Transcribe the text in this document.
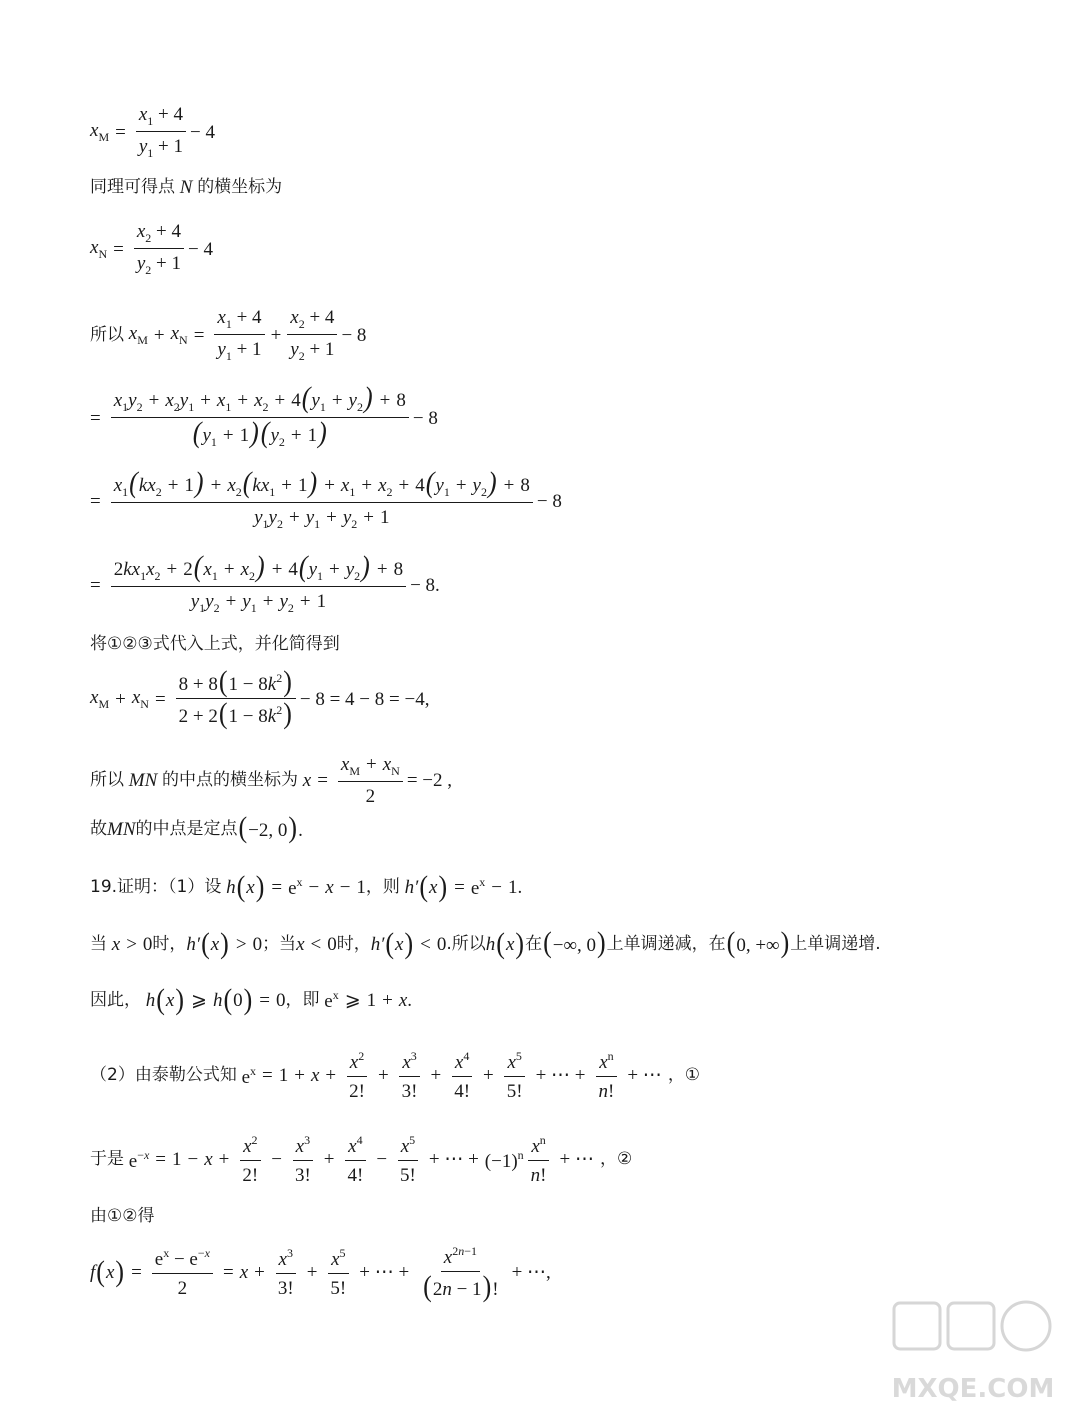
$x_M = \frac{x_1 + 4}{y_1 + 1} - 4$
同理可得点 N 的横坐标为
$x_N = \frac{x_2 + 4}{y_2 + 1} - 4$
所以
$x_M + x_N = \frac{x_1 + 4}{y_1 + 1} + \frac{x_2 + 4}{y_2 + 1} - 8$
= $\frac{x_1y_2 + x_2y_1 + x_1 + x_2 + 4(y_1 + y_2) + 8}{(y_1 + 1)(y_2 + 1)} - 8$
= $\frac{x_1(kx_2 + 1) + x_2(kx_1 + 1) + x_1 + x_2 + 4(y_1 + y_2) + 8}{y_1y_2 + y_1 + y_2 + 1} - 8$
= $\frac{2kx_1x_2 + 2(x_1 + x_2) + 4(y_1 + y_2) + 8}{y_1y_2 + y_1 + y_2 + 1} - 8$.
将①②③式代入上式，并化简得到
$x_M + x_N = \frac{8 + 8(1 - 8k^2)}{2 + 2(1 - 8k^2)} - 8 = 4 - 8 = -4$,
所以 MN 的中点的横坐标为 $x = \frac{x_M + x_N}{2} = -2$ ,
故 MN 的中点是定点 (−2, 0).
19.证明：（1）设
h ( x ) = $e^x - x - 1$ ，则
h′ ( x ) = $e^x - 1$.
当 x > 0 时， h′ ( x ) > 0 ；当 x < 0 时， h′ ( x ) < 0 .所以 h ( x ) 在 (−∞, 0) 上单调递减，在 (0, +∞) 上单调递增.
因此，
h ( x ) ⩾ h ( 0 ) = 0 ，即
$e^x$ ⩾ 1 + x .
（2）由泰勒公式知
$e^x = 1 + x + \frac{x^2}{2!} + \frac{x^3}{3!} + \frac{x^4}{4!} + \frac{x^5}{5!}$ + ⋯ + $\frac{x^n}{n!}$ + ⋯ ，①
于是
$e^{-x} = 1 - x + \frac{x^2}{2!} - \frac{x^3}{3!} + \frac{x^4}{4!} - \frac{x^5}{5!}$ + ⋯ + $(-1)^n \frac{x^n}{n!}$ + ⋯ ，②
由①②得
f ( x ) = $\frac{e^x - e^{-x}}{2} = x + \frac{x^3}{3!} + \frac{x^5}{5!}$ + ⋯ + $\frac{x^{2n-1}}{(2n - 1)!}$ + ⋯,
MXQE.COM
